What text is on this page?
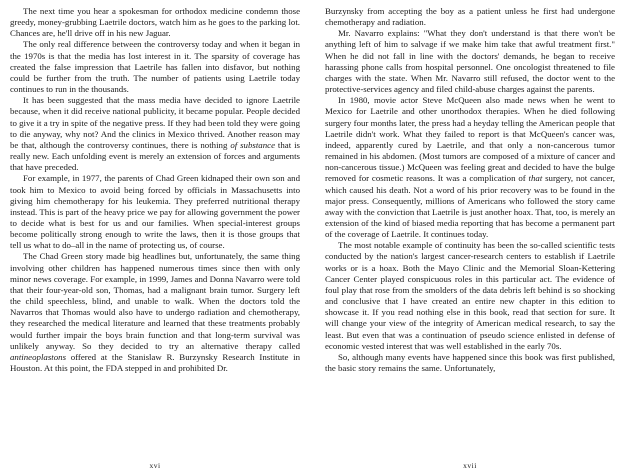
The next time you hear a spokesman for orthodox medicine condemn those greedy, money-grubbing Laetrile doctors, watch him as he goes to the parking lot. Chances are, he'll drive off in his new Jaguar.

The only real difference between the controversy today and when it began in the 1970s is that the media has lost interest in it. The sparsity of coverage has created the false impression that Laetrile has fallen into disfavor, but nothing could be further from the truth. The number of patients using Laetrile today continues to run in the thousands.

It has been suggested that the mass media have decided to ignore Laetrile because, when it did receive national publicity, it became popular. People decided to give it a try in spite of the negative press. If they had been told they were going to die anyway, why not? And the clinics in Mexico thrived. Another reason may be that, although the controversy continues, there is nothing of substance that is really new. Each unfolding event is merely an extension of forces and arguments that have preceded.

For example, in 1977, the parents of Chad Green kidnaped their own son and took him to Mexico to avoid being forced by officials in Massachusetts into giving him chemotherapy for his leukemia. They preferred nutritional therapy instead. This is part of the heavy price we pay for allowing government the power to decide what is best for us and our families. When special-interest groups become politically strong enough to write the laws, then it is those groups that tell us what to do–all in the name of protecting us, of course.

The Chad Green story made big headlines but, unfortunately, the same thing involving other children has happened numerous times since then with only minor news coverage. For example, in 1999, James and Donna Navarro were told that their four-year-old son, Thomas, had a malignant brain tumor. Surgery left the child speechless, blind, and unable to walk. When the doctors told the Navarros that Thomas would also have to undergo radiation and chemotherapy, they researched the medical literature and learned that these treatments probably would further impair the boys brain function and that long-term survival was unlikely anyway. So they decided to try an alternative therapy called antineoplastons offered at the Stanislaw R. Burzynsky Research Institute in Houston. At this point, the FDA stepped in and prohibited Dr.

xvi

Burzynsky from accepting the boy as a patient unless he first had undergone chemotherapy and radiation.

Mr. Navarro explains: "What they don't understand is that there won't be anything left of him to salvage if we make him take that awful treatment first." When he did not fall in line with the doctors' demands, he began to receive harassing phone calls from hospital personnel. One oncologist threatened to file charges with the state. When Mr. Navarro still refused, the doctor went to the protective-services agency and filed child-abuse charges against the parents.

In 1980, movie actor Steve McQueen also made news when he went to Mexico for Laetrile and other unorthodox therapies. When he died following surgery four months later, the press had a heyday telling the American people that Laetrile didn't work. What they failed to report is that McQueen's cancer was, indeed, apparently cured by Laetrile, and that only a non-cancerous tumor remained in his abdomen. (Most tumors are composed of a mixture of cancer and non-cancerous tissue.) McQueen was feeling great and decided to have the bulge removed for cosmetic reasons. It was a complication of that surgery, not cancer, which caused his death. Not a word of his prior recovery was to be found in the major press. Consequently, millions of Americans who followed the story came away with the conviction that Laetrile is just another hoax. That, too, is merely an extension of the kind of biased media reporting that has become a permanent part of the coverage of Laetrile. It continues today.

The most notable example of continuity has been the so-called scientific tests conducted by the nation's largest cancer-research centers to establish if Laetrile works or is a hoax. Both the Mayo Clinic and the Memorial Sloan-Kettering Cancer Center played conspicuous roles in this particular act. The evidence of foul play that rose from the smolders of the data debris left behind is so shocking and conclusive that I have created an entire new chapter in this edition to showcase it. If you read nothing else in this book, read that section for sure. It will change your view of the integrity of American medical research, to say the least. But even that was a continuation of pseudo science enlisted in defense of economic vested interest that was well established in the early 70s.

So, although many events have happened since this book was first published, the basic story remains the same. Unfortunately,

xvii
